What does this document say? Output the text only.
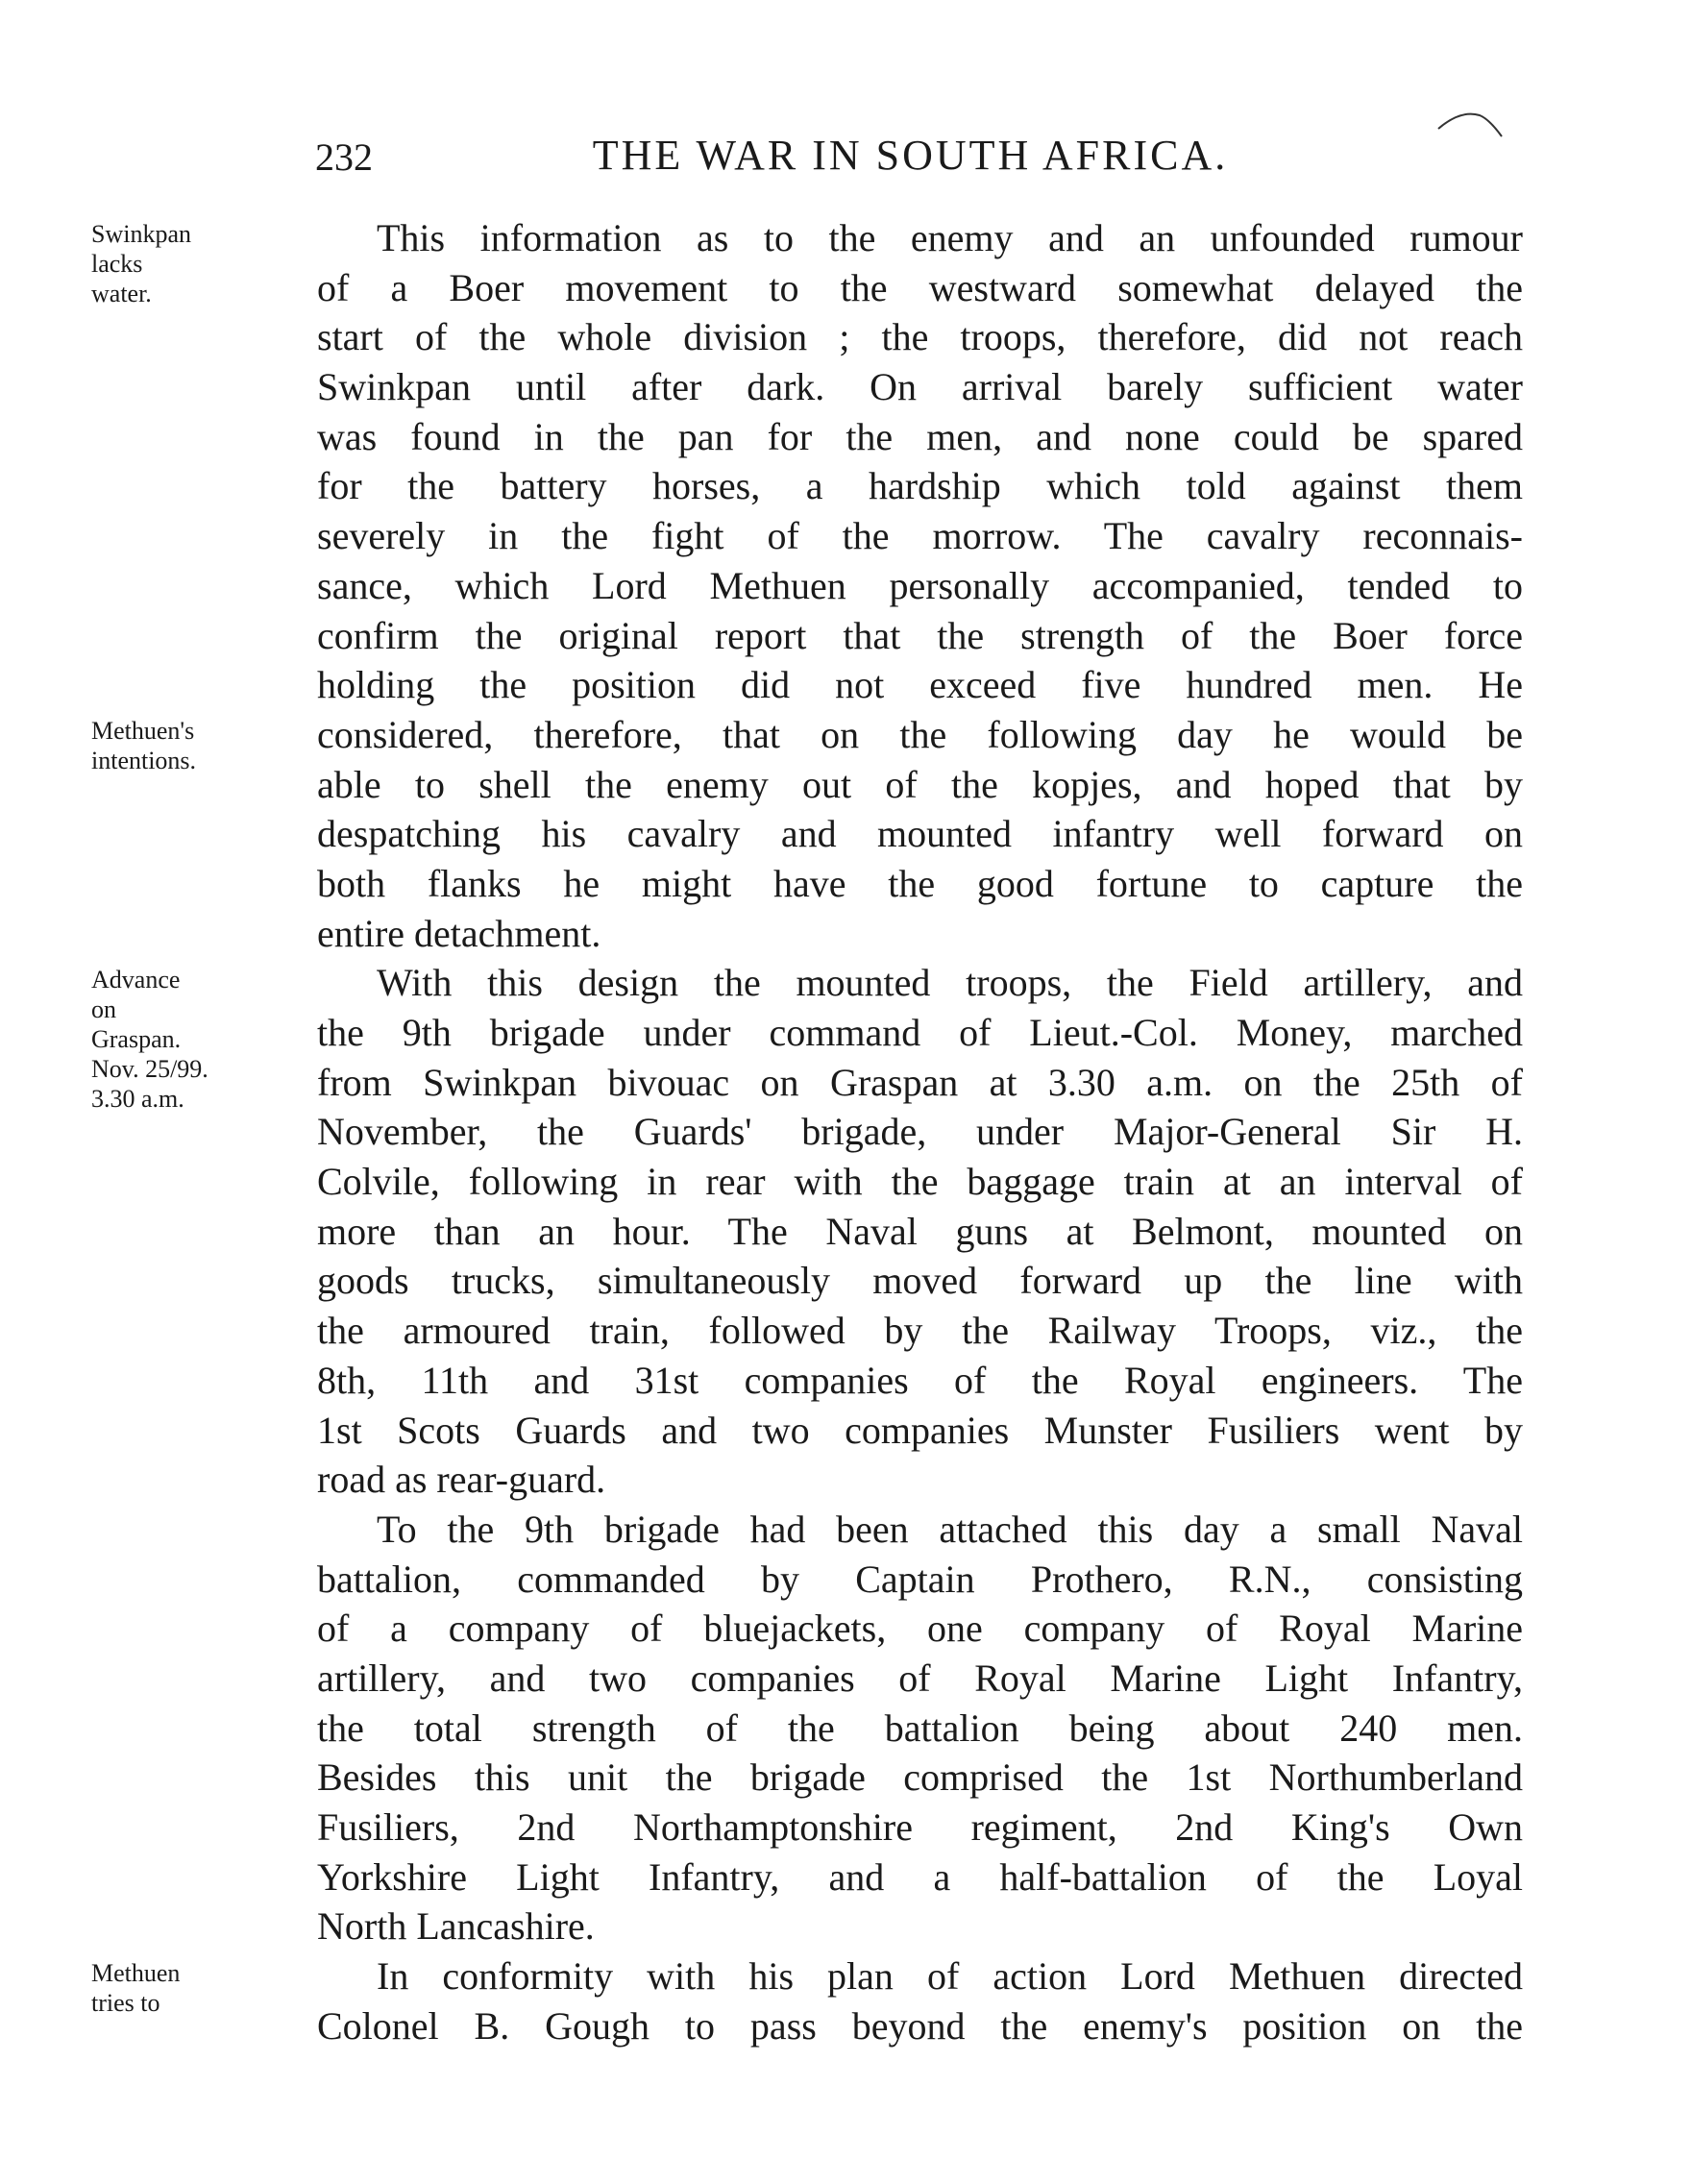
232	THE WAR IN SOUTH AFRICA.
This information as to the enemy and an unfounded rumour
of a Boer movement to the westward somewhat delayed the
start of the whole division ; the troops, therefore, did not reach
Swinkpan until after dark. On arrival barely sufficient water
was found in the pan for the men, and none could be spared
for the battery horses, a hardship which told against them
severely in the fight of the morrow. The cavalry reconnais-
sance, which Lord Methuen personally accompanied, tended to
confirm the original report that the strength of the Boer force
holding the position did not exceed five hundred men. He
considered, therefore, that on the following day he would be
able to shell the enemy out of the kopjes, and hoped that by
despatching his cavalry and mounted infantry well forward on
both flanks he might have the good fortune to capture the
entire detachment.
With this design the mounted troops, the Field artillery, and
the 9th brigade under command of Lieut.-Col. Money, marched
from Swinkpan bivouac on Graspan at 3.30 a.m. on the 25th of
November, the Guards' brigade, under Major-General Sir H.
Colvile, following in rear with the baggage train at an interval of
more than an hour. The Naval guns at Belmont, mounted on
goods trucks, simultaneously moved forward up the line with
the armoured train, followed by the Railway Troops, viz., the
8th, 11th and 31st companies of the Royal engineers. The
1st Scots Guards and two companies Munster Fusiliers went by
road as rear-guard.
To the 9th brigade had been attached this day a small Naval
battalion, commanded by Captain Prothero, R.N., consisting
of a company of bluejackets, one company of Royal Marine
artillery, and two companies of Royal Marine Light Infantry,
the total strength of the battalion being about 240 men.
Besides this unit the brigade comprised the 1st Northumberland
Fusiliers, 2nd Northamptonshire regiment, 2nd King's Own
Yorkshire Light Infantry, and a half-battalion of the Loyal
North Lancashire.
In conformity with his plan of action Lord Methuen directed
Colonel B. Gough to pass beyond the enemy's position on the
Swinkpan
lacks
water.
Methuen's
intentions.
Advance
on
Graspan.
Nov. 25/99.
3.30 a.m.
Methuen
tries to
